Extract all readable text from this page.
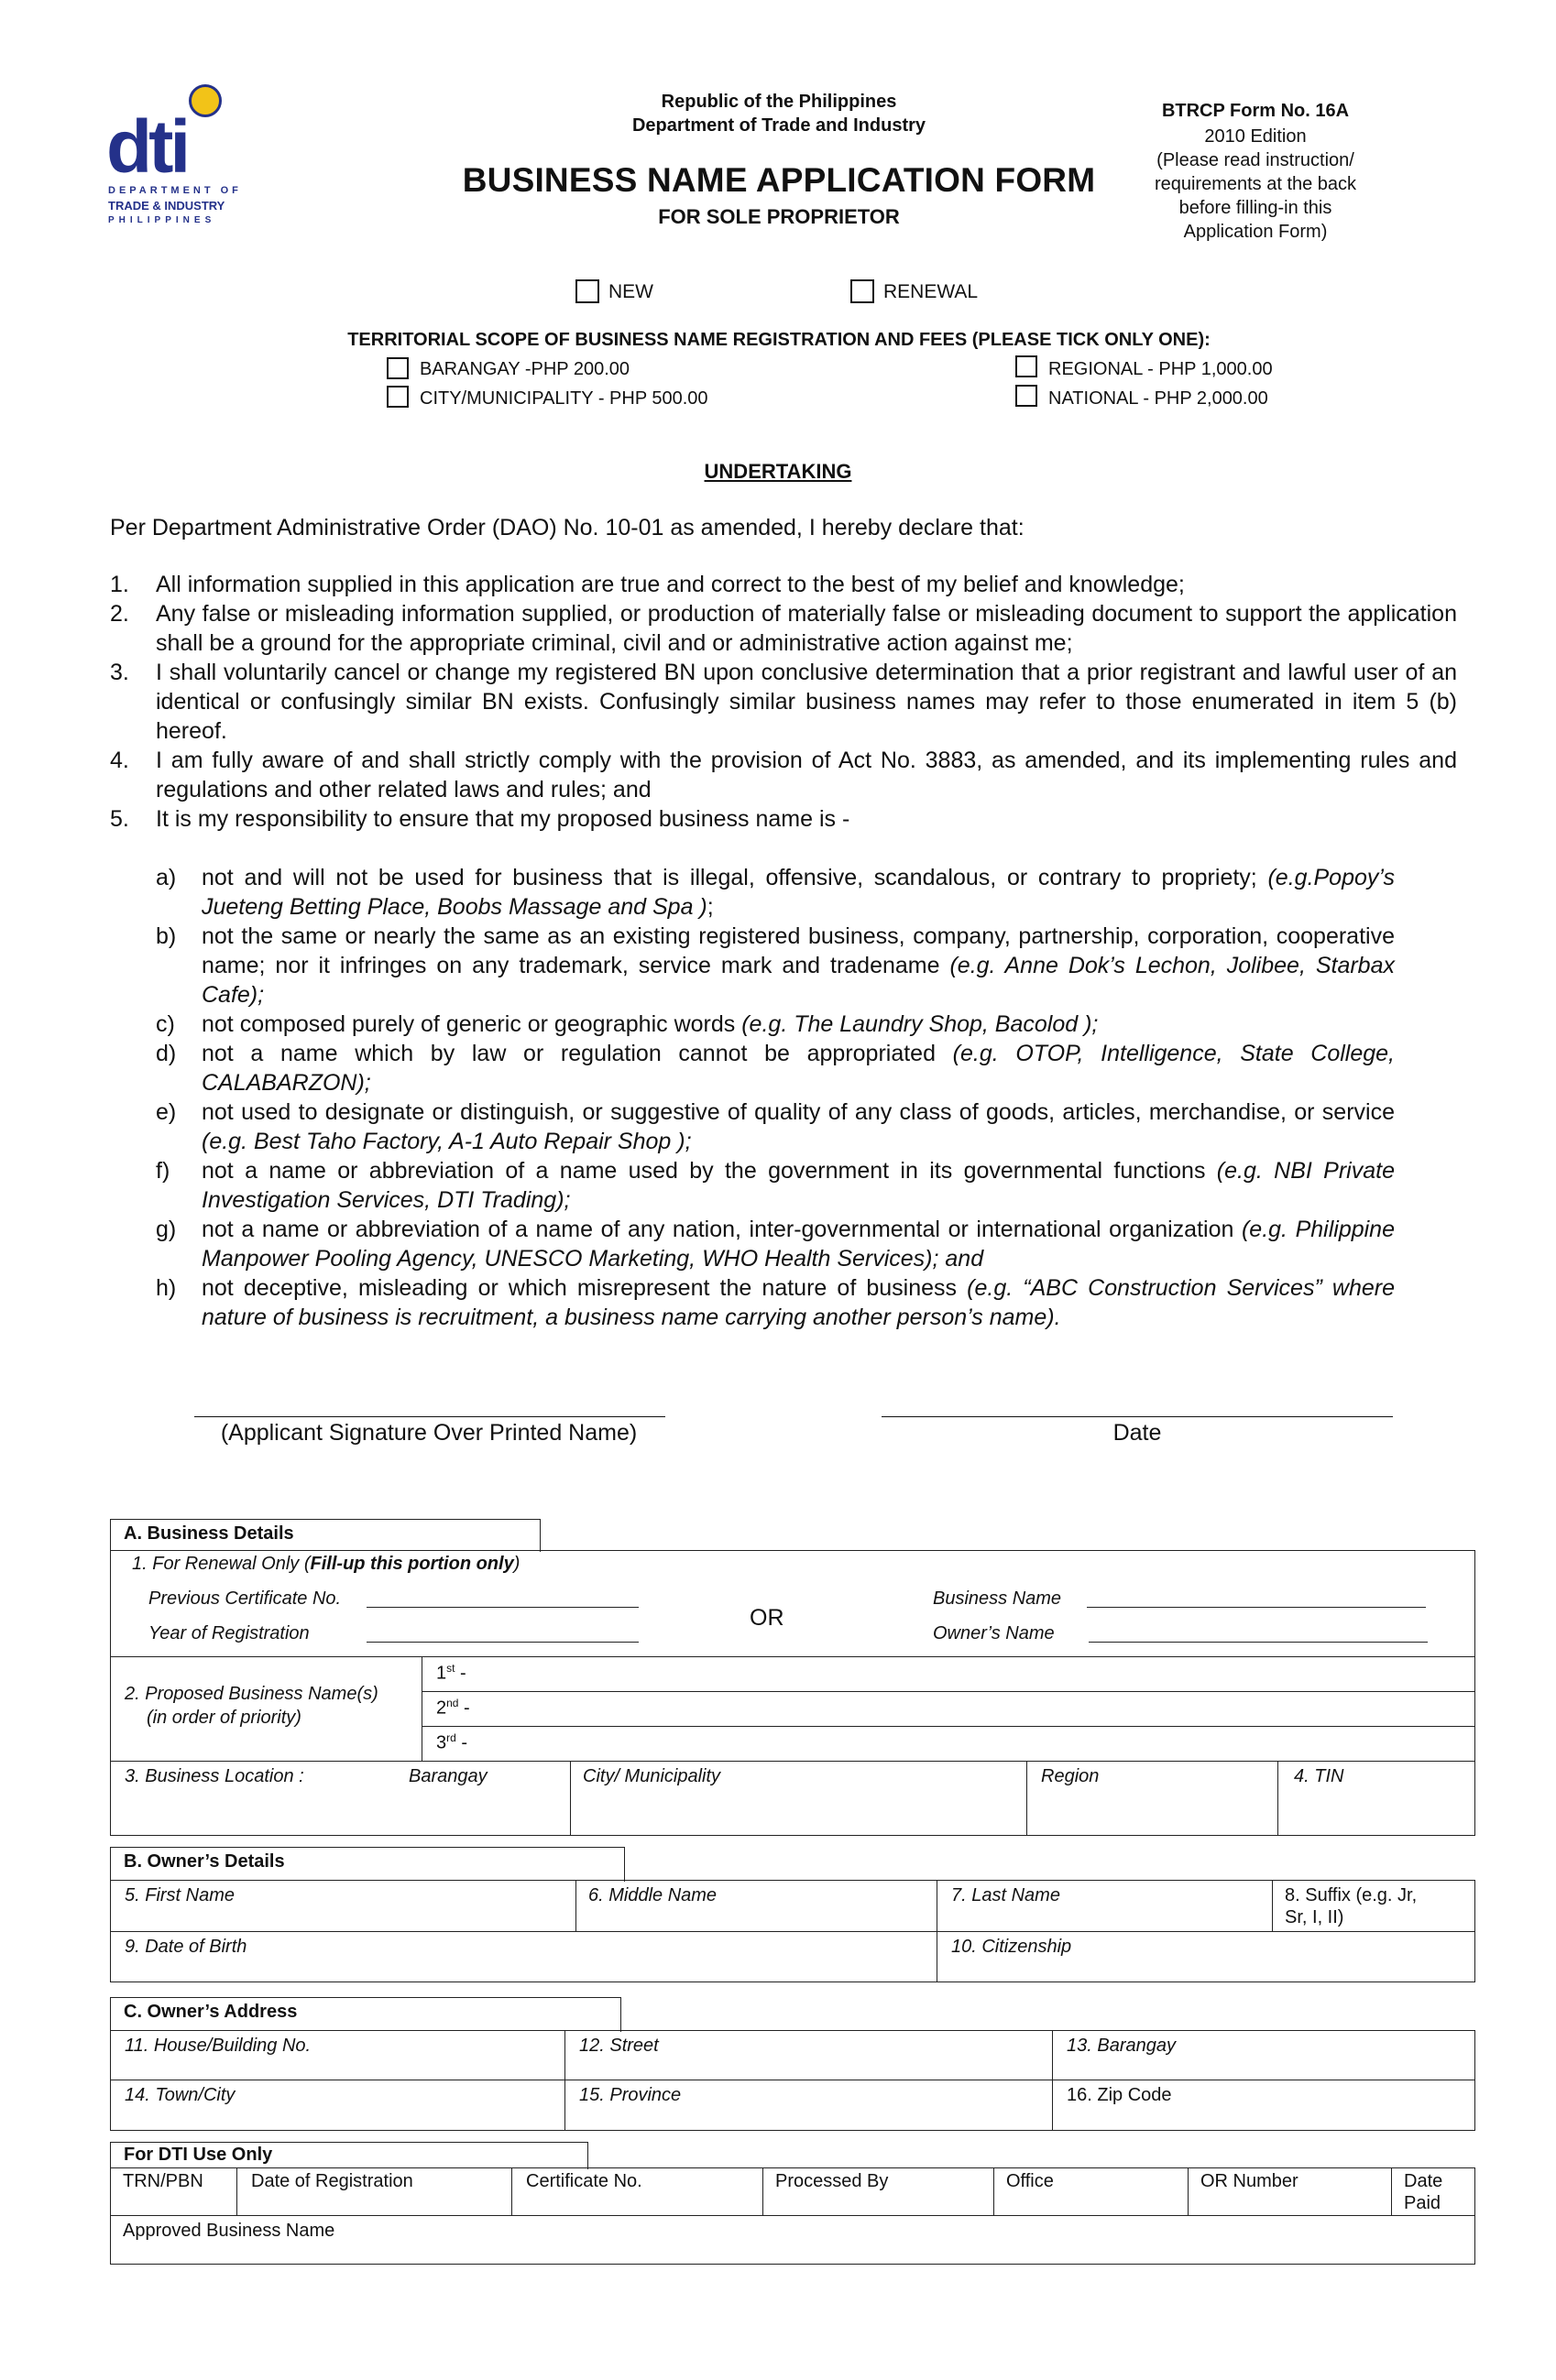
dti
DEPARTMENT OF
TRADE & INDUSTRY
PHILIPPINES
Republic of the Philippines
Department of Trade and Industry
BUSINESS NAME APPLICATION FORM
FOR SOLE PROPRIETOR
BTRCP Form No. 16A
2010 Edition
(Please read instruction/
requirements at the back
before filling-in this
Application Form)
NEW	RENEWAL
TERRITORIAL SCOPE OF BUSINESS NAME REGISTRATION AND FEES (PLEASE TICK ONLY ONE):
BARANGAY -PHP 200.00
CITY/MUNICIPALITY - PHP 500.00
REGIONAL - PHP 1,000.00
NATIONAL - PHP 2,000.00
UNDERTAKING
Per Department Administrative Order (DAO) No. 10-01 as amended, I hereby declare that:
1. All information supplied in this application are true and correct to the best of my belief and knowledge;
2. Any false or misleading information supplied, or production of materially false or misleading document to support the application shall be a ground for the appropriate criminal, civil and or administrative action against me;
3. I shall voluntarily cancel or change my registered BN upon conclusive determination that a prior registrant and lawful user of an identical or confusingly similar BN exists. Confusingly similar business names may refer to those enumerated in item 5 (b) hereof.
4. I am fully aware of and shall strictly comply with the provision of Act No. 3883, as amended, and its implementing rules and regulations and other related laws and rules; and
5. It is my responsibility to ensure that my proposed business name is -
a) not and will not be used for business that is illegal, offensive, scandalous, or contrary to propriety; (e.g.Popoy’s Jueteng Betting Place, Boobs Massage and Spa );
b) not the same or nearly the same as an existing registered business, company, partnership, corporation, cooperative name; nor it infringes on any trademark, service mark and tradename (e.g. Anne Dok’s Lechon, Jolibee, Starbax Cafe);
c) not composed purely of generic or geographic words (e.g. The Laundry Shop, Bacolod );
d) not a name which by law or regulation cannot be appropriated (e.g. OTOP, Intelligence, State College, CALABARZON);
e) not used to designate or distinguish, or suggestive of quality of any class of goods, articles, merchandise, or service (e.g. Best Taho Factory, A-1 Auto Repair Shop );
f) not a name or abbreviation of a name used by the government in its governmental functions (e.g. NBI Private Investigation Services, DTI Trading);
g) not a name or abbreviation of a name of any nation, inter-governmental or international organization (e.g. Philippine Manpower Pooling Agency, UNESCO Marketing, WHO Health Services); and
h) not deceptive, misleading or which misrepresent the nature of business (e.g. “ABC Construction Services” where nature of business is recruitment, a business name carrying another person’s name).
(Applicant Signature Over Printed Name)	Date
A. Business Details
1. For Renewal Only (Fill-up this portion only)
Previous Certificate No.
Year of Registration
OR
Business Name
Owner’s Name
2. Proposed Business Name(s)
(in order of priority)
1st -
2nd -
3rd -
3. Business Location :	Barangay	City/ Municipality	Region	4. TIN
B. Owner’s Details
5. First Name	6. Middle Name	7. Last Name	8. Suffix (e.g. Jr,
Sr, I, II)
9. Date of Birth	10. Citizenship
C. Owner’s Address
11. House/Building No.	12. Street	13. Barangay
14. Town/City	15. Province	16. Zip Code
For DTI Use Only
TRN/PBN	Date of Registration	Certificate No.	Processed By	Office	OR Number	Date
Paid
Approved Business Name
